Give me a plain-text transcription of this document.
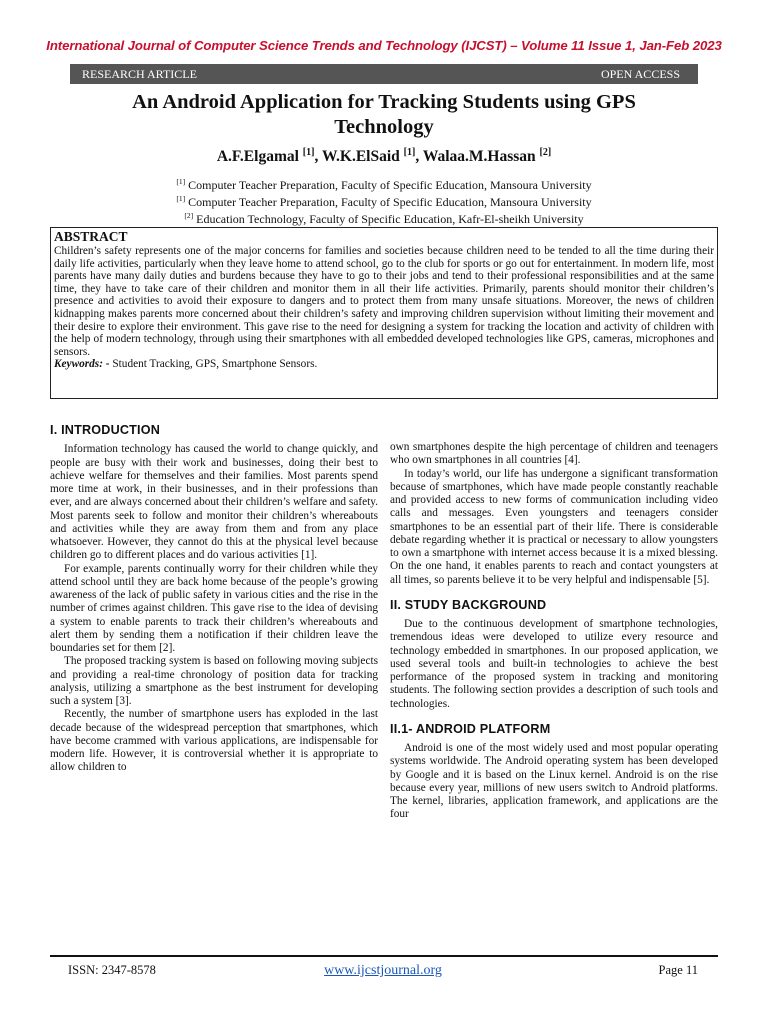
International Journal of Computer Science Trends and Technology (IJCST) – Volume 11 Issue 1, Jan-Feb 2023
RESEARCH ARTICLE	OPEN ACCESS
An Android Application for Tracking Students using GPS
Technology
A.F.Elgamal [1], W.K.ElSaid [1], Walaa.M.Hassan [2]
[1] Computer Teacher Preparation, Faculty of Specific Education, Mansoura University
[1] Computer Teacher Preparation, Faculty of Specific Education, Mansoura University
[2] Education Technology, Faculty of Specific Education, Kafr-El-sheikh University
ABSTRACT

Children’s safety represents one of the major concerns for families and societies because children need to be tended to all the time during their daily life activities, particularly when they leave home to attend school, go to the club for sports or go out for entertainment. In modern life, most parents have many daily duties and burdens because they have to go to their jobs and tend to their professional responsibilities and at the same time, they have to take care of their children and monitor them in all their life activities. Primarily, parents should monitor their children’s presence and activities to avoid their exposure to dangers and to protect them from many unsafe situations. Moreover, the news of children kidnapping makes parents more concerned about their children’s safety and improving children supervision without limiting their movement and their desire to explore their environment. This gave rise to the need for designing a system for tracking the location and activity of children with the help of modern technology, through using their smartphones with all embedded developed technologies like GPS, cameras, microphones and sensors.

Keywords: - Student Tracking, GPS, Smartphone Sensors.
I. INTRODUCTION

Information technology has caused the world to change quickly, and people are busy with their work and businesses, doing their best to achieve welfare for themselves and their families. Most parents spend more time at work, in their businesses, and in their professions than ever, and are always concerned about their children’s welfare and safety. Most parents seek to follow and monitor their children’s whereabouts and activities while they are away from them and from any place whatsoever. However, they cannot do this at the physical level because children go to different places and do various activities [1].

For example, parents continually worry for their children while they attend school until they are back home because of the people’s growing awareness of the lack of public safety in various cities and the rise in the number of crimes against children. This gave rise to the idea of devising a system to enable parents to track their children’s whereabouts and alert them by sending them a notification if their children leave the boundaries set for them [2].

The proposed tracking system is based on following moving subjects and providing a real-time chronology of position data for tracking analysis, utilizing a smartphone as the best instrument for developing such a system [3].

Recently, the number of smartphone users has exploded in the last decade because of the widespread perception that smartphones, which have become crammed with various applications, are indispensable for modern life. However, it is controversial whether it is appropriate to allow children to

own smartphones despite the high percentage of children and teenagers who own smartphones in all countries [4].

In today’s world, our life has undergone a significant transformation because of smartphones, which have made people constantly reachable and provided access to new forms of communication including video calls and messages. Even youngsters and teenagers consider smartphones to be an essential part of their life. There is considerable debate regarding whether it is practical or necessary to allow youngsters to own a smartphone with internet access because it is a mixed blessing. On the one hand, it enables parents to reach and contact youngsters at all times, so parents believe it to be very helpful and indispensable [5].

II. STUDY BACKGROUND

Due to the continuous development of smartphone technologies, tremendous ideas were developed to utilize every resource and technology embedded in smartphones. In our proposed application, we used several tools and built-in technologies to achieve the best performance of the proposed system in tracking and monitoring students. The following section provides a description of such tools and technologies.

II.1- ANDROID PLATFORM

Android is one of the most widely used and most popular operating systems worldwide. The Android operating system has been developed by Google and it is based on the Linux kernel. Android is on the rise because every year, millions of new users switch to Android platforms. The kernel, libraries, application framework, and applications are the four

ISSN: 2347-8578	www.ijcstjournal.org	Page 11
